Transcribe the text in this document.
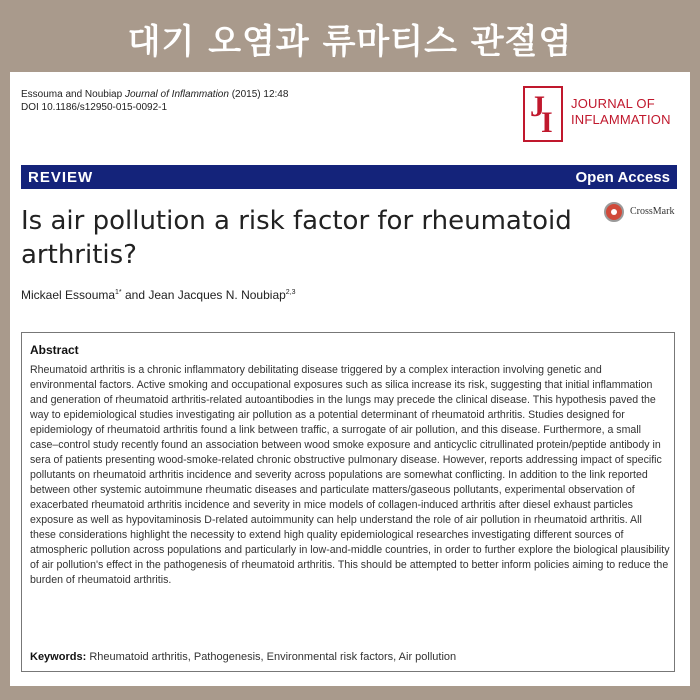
대기 오염과 류마티스 관절염
Essouma and Noubiap Journal of Inflammation (2015) 12:48
DOI 10.1186/s12950-015-0092-1	J
I
JOURNAL OF
INFLAMMATION
REVIEW	Open Access
Is air pollution a risk factor for rheumatoid arthritis?
CrossMark
Mickael Essouma$^{1*}$ and Jean Jacques N. Noubiap$^{2,3}$
Abstract
Rheumatoid arthritis is a chronic inflammatory debilitating disease triggered by a complex interaction involving genetic and environmental factors. Active smoking and occupational exposures such as silica increase its risk, suggesting that initial inflammation and generation of rheumatoid arthritis-related autoantibodies in the lungs may precede the clinical disease. This hypothesis paved the way to epidemiological studies investigating air pollution as a potential determinant of rheumatoid arthritis. Studies designed for epidemiology of rheumatoid arthritis found a link between traffic, a surrogate of air pollution, and this disease. Furthermore, a small case–control study recently found an association between wood smoke exposure and anticyclic citrullinated protein/peptide antibody in sera of patients presenting wood-smoke-related chronic obstructive pulmonary disease. However, reports addressing impact of specific pollutants on rheumatoid arthritis incidence and severity across populations are somewhat conflicting. In addition to the link reported between other systemic autoimmune rheumatic diseases and particulate matters/gaseous pollutants, experimental observation of exacerbated rheumatoid arthritis incidence and severity in mice models of collagen-induced arthritis after diesel exhaust particles exposure as well as hypovitaminosis D-related autoimmunity can help understand the role of air pollution in rheumatoid arthritis. All these considerations highlight the necessity to extend high quality epidemiological researches investigating different sources of atmospheric pollution across populations and particularly in low-and-middle countries, in order to further explore the biological plausibility of air pollution's effect in the pathogenesis of rheumatoid arthritis. This should be attempted to better inform policies aiming to reduce the burden of rheumatoid arthritis.
Keywords: Rheumatoid arthritis, Pathogenesis, Environmental risk factors, Air pollution
